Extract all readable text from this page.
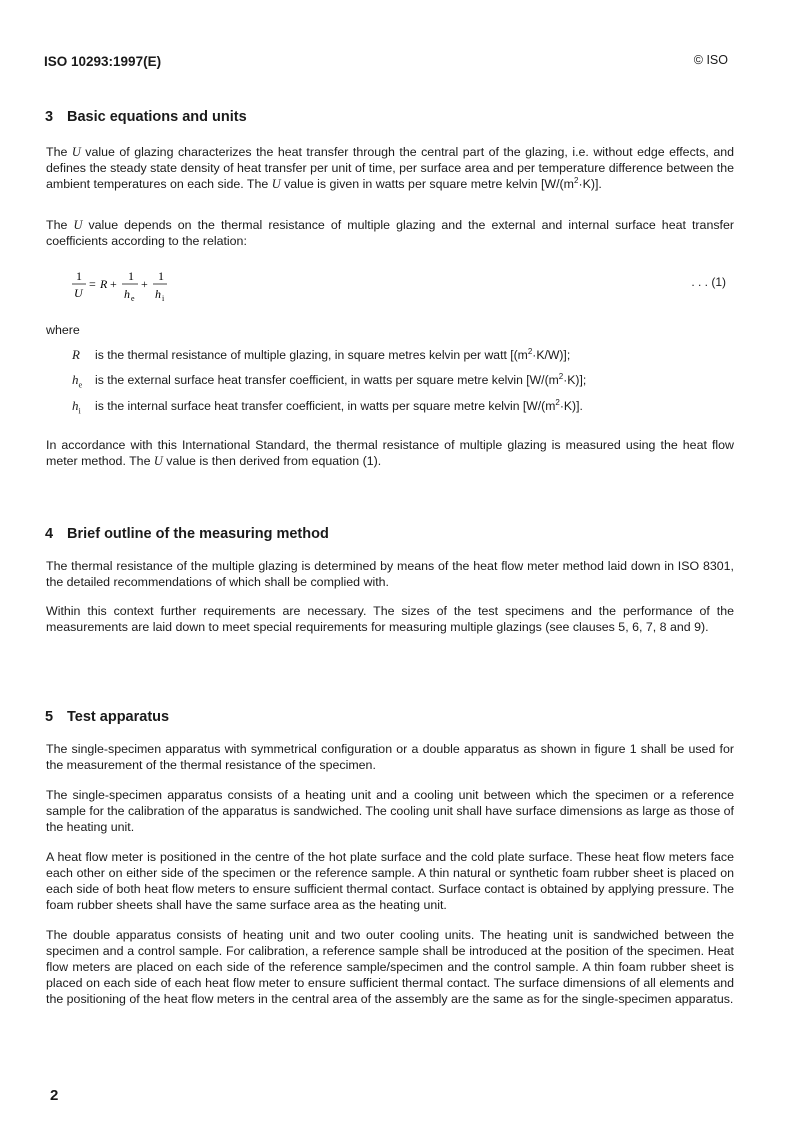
ISO 10293:1997(E)	© ISO
3 Basic equations and units

The U value of glazing characterizes the heat transfer through the central part of the glazing, i.e. without edge effects, and defines the steady state density of heat transfer per unit of time, per surface area and per temperature difference between the ambient temperatures on each side. The U value is given in watts per square metre kelvin $[W/(m^2\cdot K)]$.

The U value depends on the thermal resistance of multiple glazing and the external and internal surface heat transfer coefficients according to the relation:

1
U
= R +
1
h e
+
1
h i
. . . (1)
where
R is the thermal resistance of multiple glazing, in square metres kelvin per watt $[(m^2\cdot K/W)]$;
$h_e$ is the external surface heat transfer coefficient, in watts per square metre kelvin $[W/(m^2\cdot K)]$;
$h_i$ is the internal surface heat transfer coefficient, in watts per square metre kelvin $[W/(m^2\cdot K)]$.

In accordance with this International Standard, the thermal resistance of multiple glazing is measured using the heat flow meter method. The U value is then derived from equation (1).

4 Brief outline of the measuring method

The thermal resistance of the multiple glazing is determined by means of the heat flow meter method laid down in ISO 8301, the detailed recommendations of which shall be complied with.

Within this context further requirements are necessary. The sizes of the test specimens and the performance of the measurements are laid down to meet special requirements for measuring multiple glazings (see clauses 5, 6, 7, 8 and 9).

5 Test apparatus

The single-specimen apparatus with symmetrical configuration or a double apparatus as shown in figure 1 shall be used for the measurement of the thermal resistance of the specimen.

The single-specimen apparatus consists of a heating unit and a cooling unit between which the specimen or a reference sample for the calibration of the apparatus is sandwiched. The cooling unit shall have surface dimensions as large as those of the heating unit.

A heat flow meter is positioned in the centre of the hot plate surface and the cold plate surface. These heat flow meters face each other on either side of the specimen or the reference sample. A thin natural or synthetic foam rubber sheet is placed on each side of both heat flow meters to ensure sufficient thermal contact. Surface contact is obtained by applying pressure. The foam rubber sheets shall have the same surface area as the heating unit.

The double apparatus consists of heating unit and two outer cooling units. The heating unit is sandwiched between the specimen and a control sample. For calibration, a reference sample shall be introduced at the position of the specimen. Heat flow meters are placed on each side of the reference sample/specimen and the control sample. A thin foam rubber sheet is placed on each side of each heat flow meter to ensure sufficient thermal contact. The surface dimensions of all elements and the positioning of the heat flow meters in the central area of the assembly are the same as for the single-specimen apparatus.

2
